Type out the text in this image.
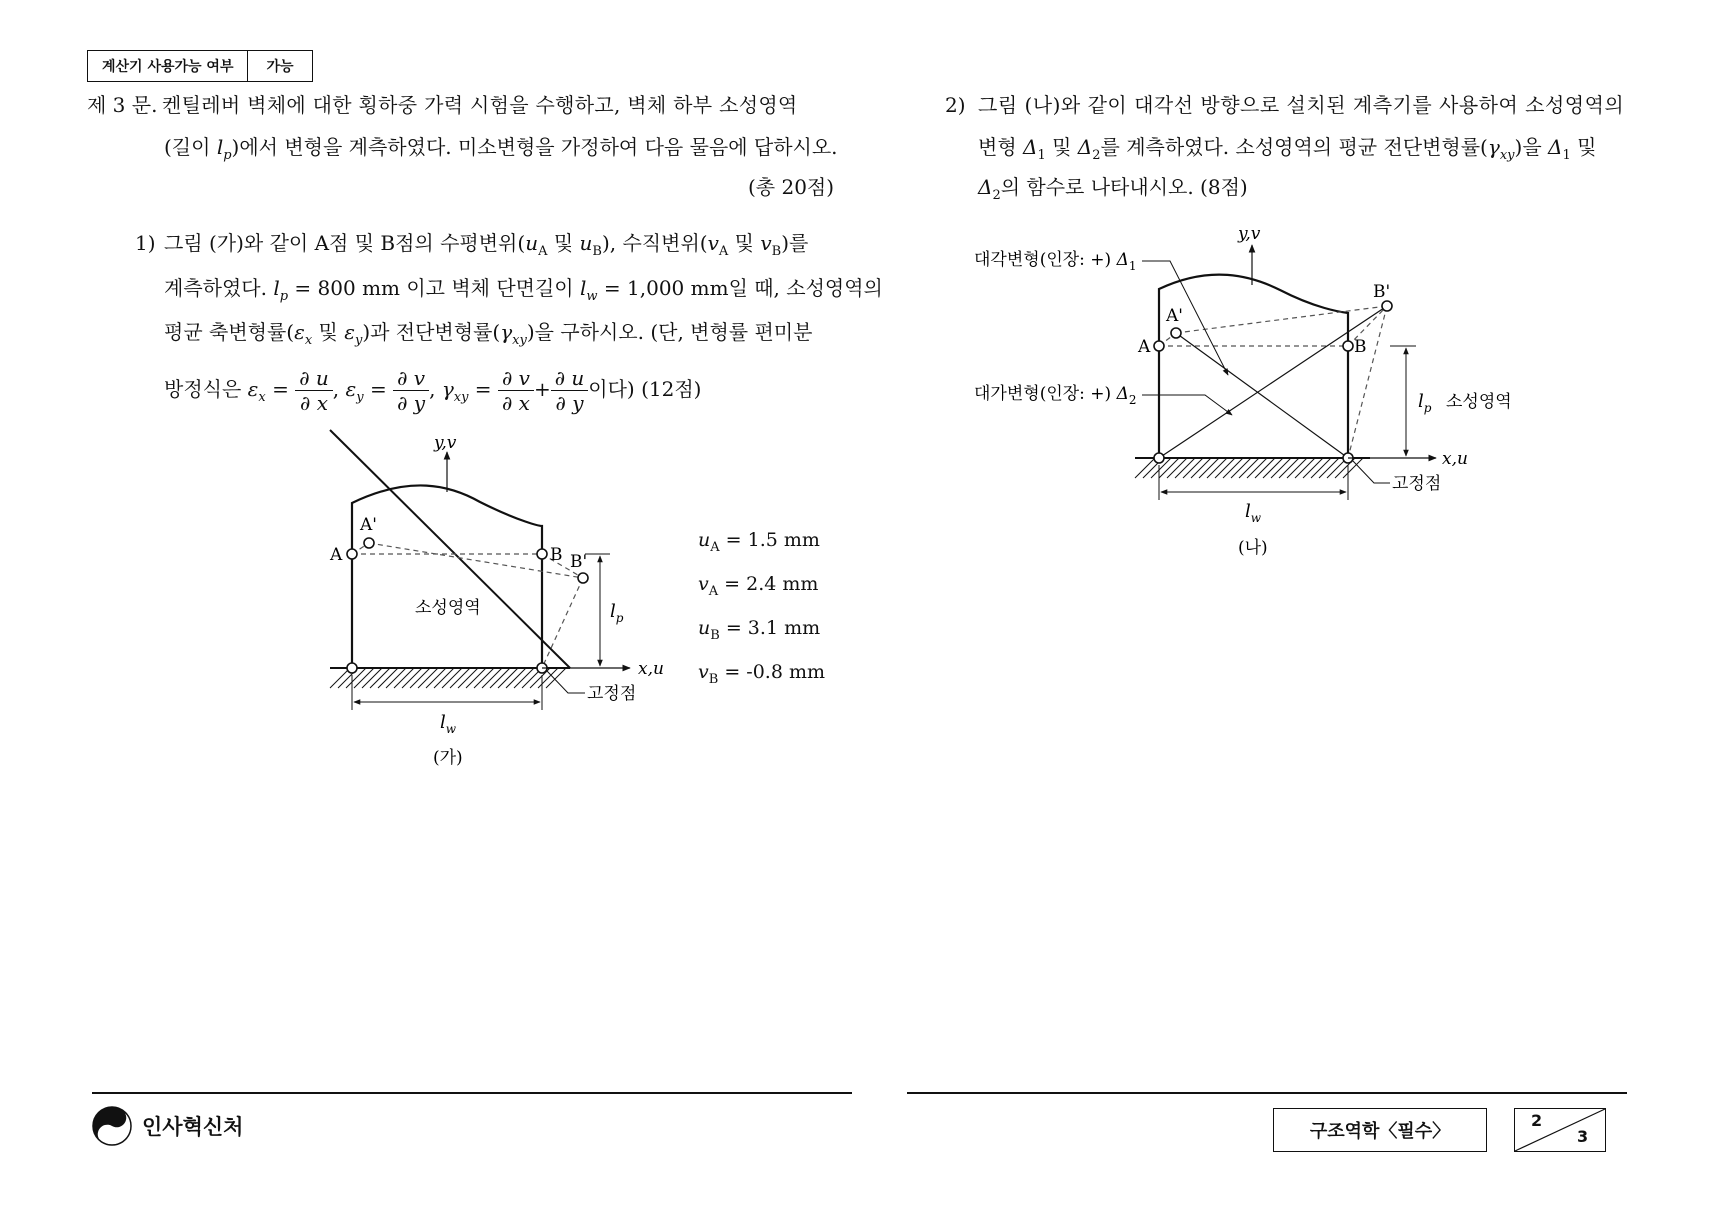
계산기 사용가능 여부	가능
제 3 문. 켄틸레버 벽체에 대한 횡하중 가력 시험을 수행하고, 벽체 하부 소성영역
(길이 $l_p$)에서 변형을 계측하였다. 미소변형을 가정하여 다음 물음에 답하시오.
(총 20점)
1) 그림 (가)와 같이 A점 및 B점의 수평변위($u_A$ 및 $u_B$), 수직변위($v_A$ 및 $v_B$)를
계측하였다. $l_p = 800$ mm 이고 벽체 단면길이 $l_w = 1,000$ mm일 때, 소성영역의
평균 축변형률($\varepsilon_x$ 및 $\varepsilon_y$)과 전단변형률$(\gamma_{xy})$을 구하시오. (단, 변형률 편미분
방정식은 $\varepsilon_x = \frac{\partial u}{\partial x}$ , $\varepsilon_y = \frac{\partial v}{\partial y}$ , $\gamma_{xy} = \frac{\partial v}{\partial x} + \frac{\partial u}{\partial y}$ 이다) (12점)
y,v
x,u
A
A'
B B'
소성영역	$l_p$
$l_w$
고정점
(가)
$u_A = 1.5$ mm
$v_A = 2.4$ mm
$u_B = 3.1$ mm
$v_B = -0.8$ mm
2) 그림 (나)와 같이 대각선 방향으로 설치된 계측기를 사용하여 소성영역의
변형 $\Delta_1$ 및 $\Delta_2$를 계측하였다. 소성영역의 평균 전단변형률$(\gamma_{xy})$을 $\Delta_1$ 및
$\Delta_2$의 함수로 나타내시오. (8점)
y,v
x,u
A
A'
B
B'
대각변형(인장: +) $\Delta_1$
대가변형(인장: +) $\Delta_2$	$l_p$ 소성영역
$l_w$
고정점
(나)
인사혁신처	구조역학〈필수〉
2
3
